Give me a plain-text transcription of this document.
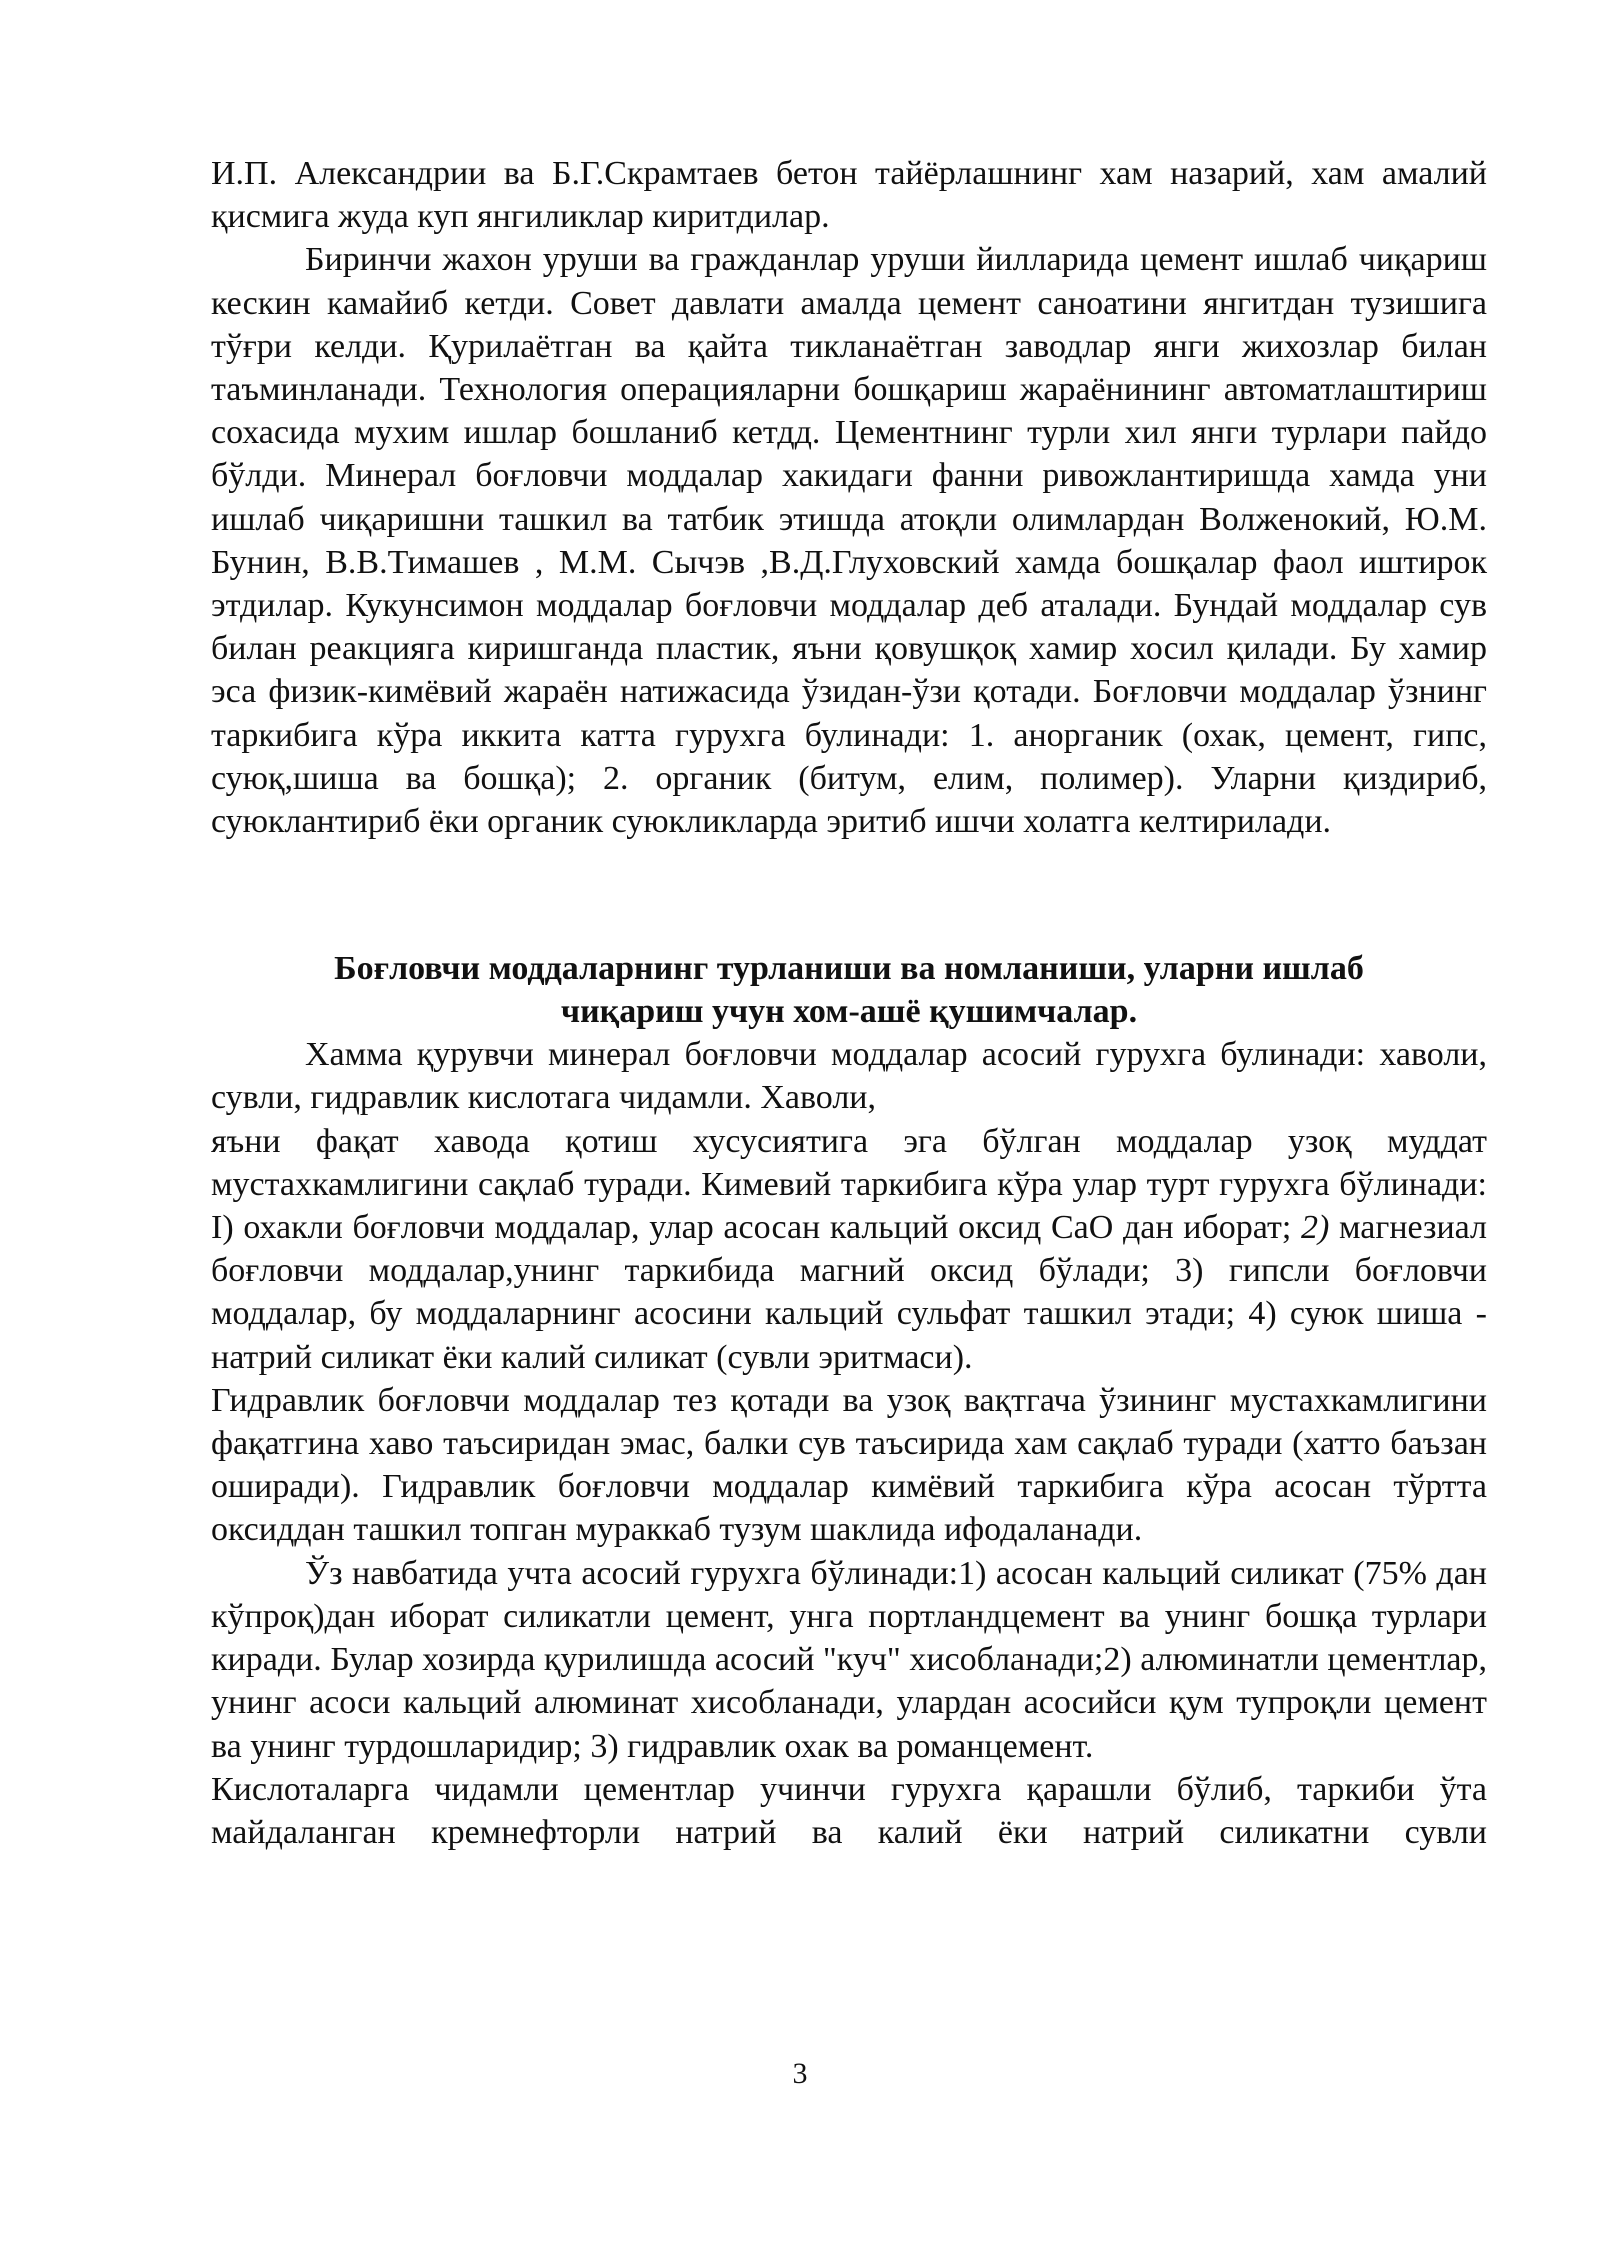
И.П. Александрии ва Б.Г.Скрамтаев бетон тайёрлашнинг хам назарий, хам амалий қисмига жуда куп янгиликлар киритдилар.

Биринчи жахон уруши ва гражданлар уруши йилларида цемент ишлаб чиқариш кескин камайиб кетди. Совет давлати амалда цемент саноатини янгитдан тузишига тўғри келди. Қурилаётган ва қайта тикланаётган заводлар янги жихозлар билан таъминланади. Технология операцияларни бошқариш жараёнининг автоматлаштириш сохасида мухим ишлар бошланиб кетдд. Цементнинг турли хил янги турлари пайдо бўлди. Минерал боғловчи моддалар хакидаги фанни ривожлантиришда хамда уни ишлаб чиқаришни ташкил ва татбик этишда атоқли олимлардан Волженокий, Ю.М. Бунин, В.В.Тимашев , М.М. Сычэв ,В.Д.Глуховский хамда бошқалар фаол иштирок этдилар. Кукунсимон моддалар боғловчи моддалар деб аталади. Бундай моддалар сув билан реакцияга киришганда пластик, яъни қовушқоқ хамир хосил қилади. Бу хамир эса физик-кимёвий жараён натижасида ўзидан-ўзи қотади. Боғловчи моддалар ўзнинг таркибига кўра иккита катта гурухга булинади: 1. анорганик (охак, цемент, гипс, суюқ,шиша ва бошқа); 2. органик (битум, елим, полимер). Уларни қиздириб, суюклантириб ёки органик суюкликларда эритиб ишчи холатга келтирилади.

Боғловчи моддаларнинг турланиши ва номланиши, уларни ишлаб
чиқариш учун хом-ашё қушимчалар.

Хамма қурувчи минерал боғловчи моддалар асосий гурухга булинади: хаволи, сувли, гидравлик кислотага чидамли. Хаволи,

яъни фақат хавода қотиш хусусиятига эга бўлган моддалар узоқ муддат мустахкамлигини сақлаб туради. Кимевий таркибига кўра улар турт гурухга бўлинади: I) охакли боғловчи моддалар, улар асосан кальций оксид CaO дан иборат; 2) магнезиал боғловчи моддалар,унинг таркибида магний оксид бўлади; 3) гипсли боғловчи моддалар, бу моддаларнинг асосини кальций сульфат ташкил этади; 4) суюк шиша - натрий силикат ёки калий силикат (сувли эритмаси).

Гидравлик боғловчи моддалар тез қотади ва узоқ вақтгача ўзининг мустахкамлигини фақатгина хаво таъсиридан эмас, балки сув таъсирида хам сақлаб туради (хатто баъзан оширади). Гидравлик боғловчи моддалар кимёвий таркибига кўра асосан тўртта оксиддан ташкил топган мураккаб тузум шаклида ифодаланади.

Ўз навбатида учта асосий гурухга бўлинади:1) асосан кальций силикат (75% дан кўпроқ)дан иборат силикатли цемент, унга портландцемент ва унинг бошқа турлари киради. Булар хозирда қурилишда асосий "куч" хисобланади;2) алюминатли цементлар, унинг асоси кальций алюминат хисобланади, улардан асосийси қум тупроқли цемент ва унинг турдошларидир; 3) гидравлик охак ва романцемент.

Кислоталарга чидамли цементлар учинчи гурухга қарашли бўлиб, таркиби ўта майдаланган кремнефторли натрий ва калий ёки натрий силикатни сувли

3
